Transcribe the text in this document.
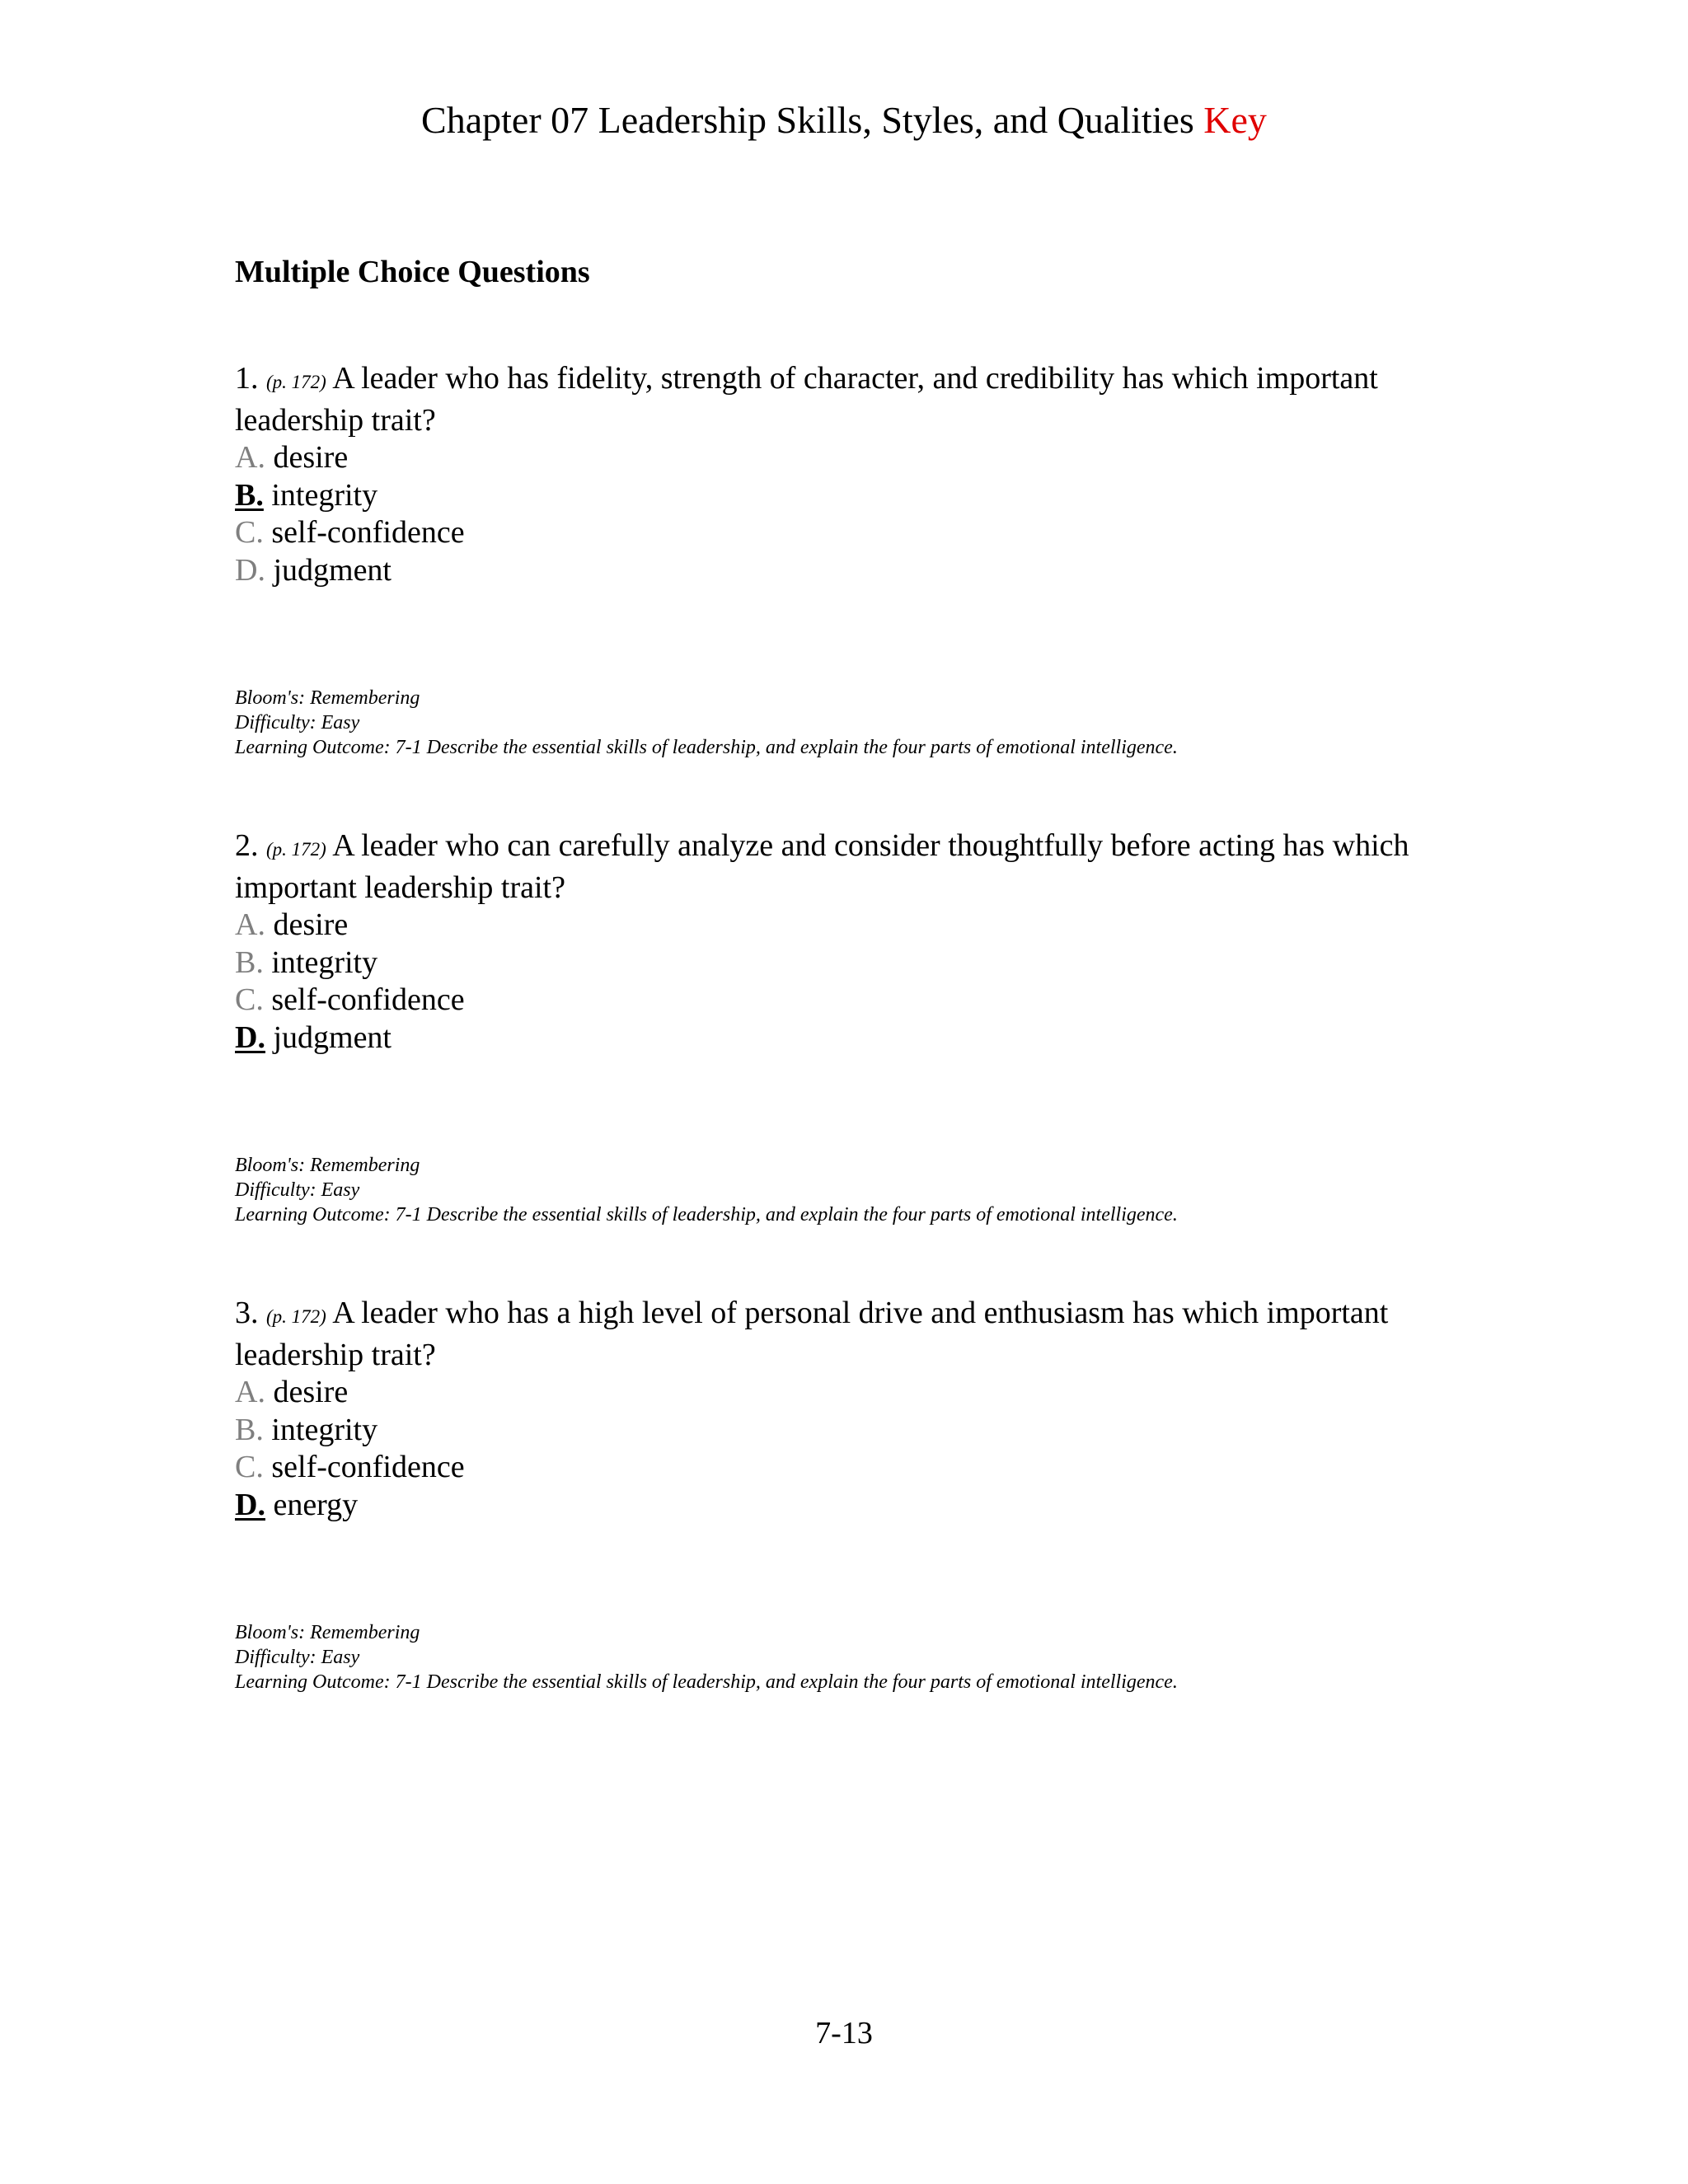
Chapter 07 Leadership Skills, Styles, and Qualities Key
Multiple Choice Questions

1. (p. 172) A leader who has fidelity, strength of character, and credibility has which important leadership trait?

A. desire
B. integrity
C. self-confidence
D. judgment
Bloom's: Remembering
Difficulty: Easy
Learning Outcome: 7-1 Describe the essential skills of leadership, and explain the four parts of emotional intelligence.

2. (p. 172) A leader who can carefully analyze and consider thoughtfully before acting has which important leadership trait?

A. desire
B. integrity
C. self-confidence
D. judgment
Bloom's: Remembering
Difficulty: Easy
Learning Outcome: 7-1 Describe the essential skills of leadership, and explain the four parts of emotional intelligence.

3. (p. 172) A leader who has a high level of personal drive and enthusiasm has which important leadership trait?

A. desire
B. integrity
C. self-confidence
D. energy
Bloom's: Remembering
Difficulty: Easy
Learning Outcome: 7-1 Describe the essential skills of leadership, and explain the four parts of emotional intelligence.
7-13
